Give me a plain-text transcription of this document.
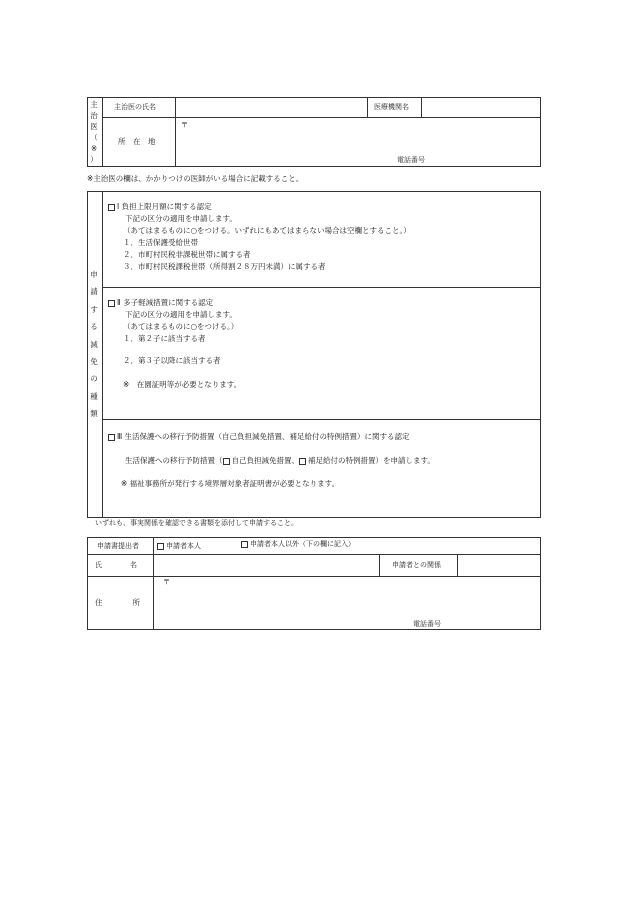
主
治
医
（
※
）
主治医の氏名	医療機関名
所　在　地
〒
電話番号
※主治医の欄は、かかりつけの医師がいる場合に記載すること。
申
請
す
る
減
免
の
種
類
Ⅰ 負担上限月額に関する認定
下記の区分の適用を申請します。
（あてはまるものに○をつける。いずれにもあてはまらない場合は空欄とすること。）
１．生活保護受給世帯
２．市町村民税非課税世帯に属する者
３．市町村民税課税世帯（所得割２８万円未満）に属する者
Ⅱ 多子軽減措置に関する認定
下記の区分の適用を申請します。
（あてはまるものに○をつける。）
１．第２子に該当する者
２．第３子以降に該当する者
※　在園証明等が必要となります。
Ⅲ 生活保護への移行予防措置（自己負担減免措置、補足給付の特例措置）に関する認定
生活保護への移行予防措置（ 自己負担減免措置、 補足給付の特例措置）を申請します。
※ 福祉事務所が発行する境界層対象者証明書が必要となります。
いずれも、事実関係を確認できる書類を添付して申請すること。
申請書提出者	申請者本人	申請者本人以外（下の欄に記入）
氏　　　　名	申請者との関係
〒
住　　　　所
電話番号
